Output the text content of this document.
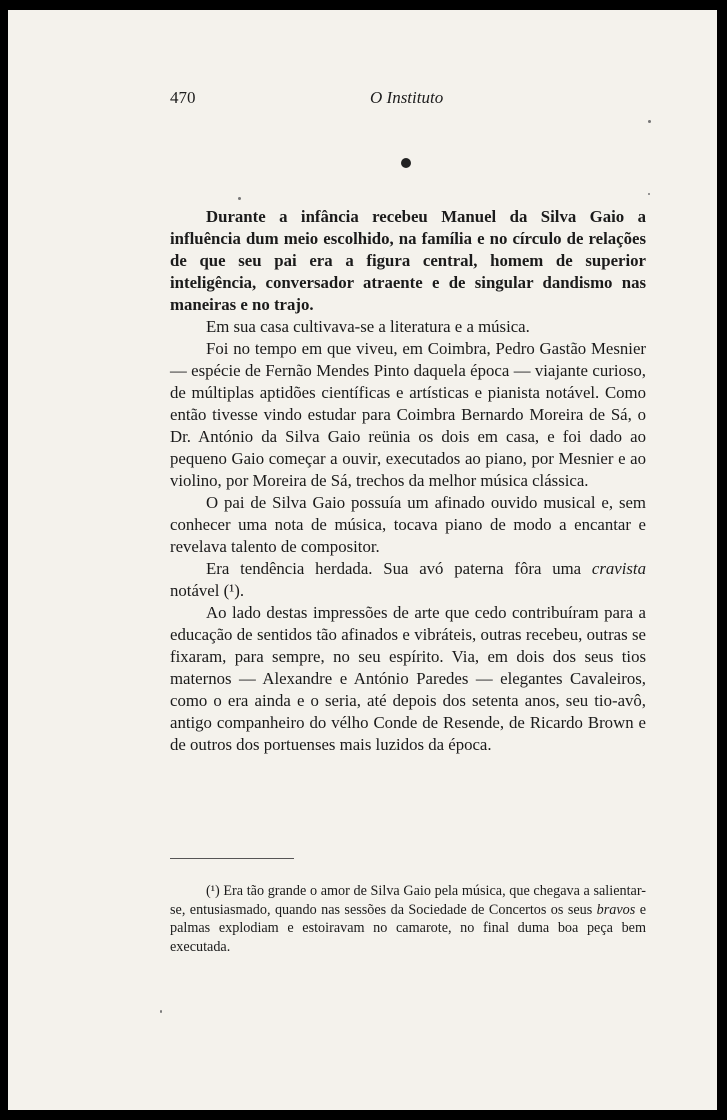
470	O Instituto

Durante a infância recebeu Manuel da Silva Gaio a influência dum meio escolhido, na família e no círculo de relações de que seu pai era a figura central, homem de superior inteligência, conversador atraente e de singular dandismo nas maneiras e no trajo.

Em sua casa cultivava-se a literatura e a música.

Foi no tempo em que viveu, em Coimbra, Pedro Gastão Mesnier — espécie de Fernão Mendes Pinto daquela época — viajante curioso, de múltiplas aptidões científicas e artísticas e pianista notável. Como então tivesse vindo estudar para Coimbra Bernardo Moreira de Sá, o Dr. António da Silva Gaio reünia os dois em casa, e foi dado ao pequeno Gaio começar a ouvir, executados ao piano, por Mesnier e ao violino, por Moreira de Sá, trechos da melhor música clássica.

O pai de Silva Gaio possuía um afinado ouvido musical e, sem conhecer uma nota de música, tocava piano de modo a encantar e revelava talento de compositor.

Era tendência herdada. Sua avó paterna fôra uma cravista notável (¹).

Ao lado destas impressões de arte que cedo contribuíram para a educação de sentidos tão afinados e vibráteis, outras recebeu, outras se fixaram, para sempre, no seu espírito. Via, em dois dos seus tios maternos — Alexandre e António Paredes — elegantes Cavaleiros, como o era ainda e o seria, até depois dos setenta anos, seu tio-avô, antigo companheiro do vélho Conde de Resende, de Ricardo Brown e de outros dos portuenses mais luzidos da época.

(¹) Era tão grande o amor de Silva Gaio pela música, que chegava a salientar-se, entusiasmado, quando nas sessões da Sociedade de Concertos os seus bravos e palmas explodiam e estoiravam no camarote, no final duma boa peça bem executada.
